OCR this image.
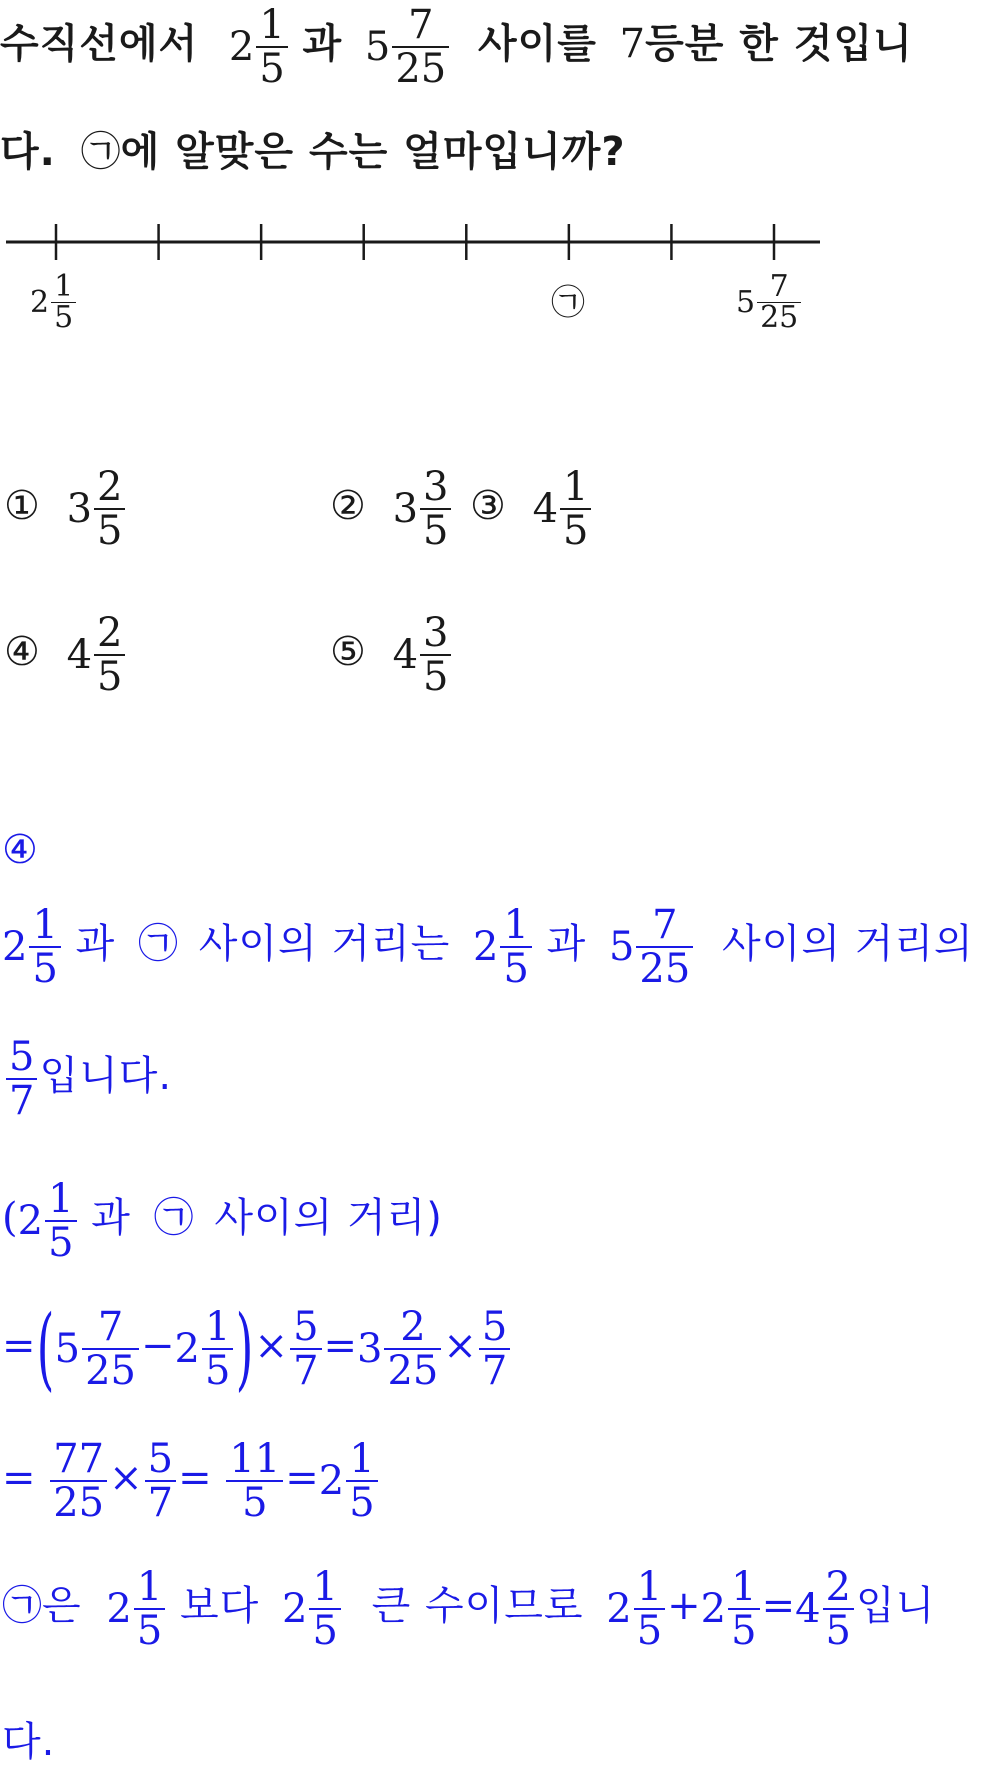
수직선에서 $2 \frac{1}{5}$ 과 $5 \frac{7}{25}$ 사이를 7등분 한 것입니
다. ㉠에 알맞은 수는 얼마입니까?
$2 \frac{1}{5}$	㉠	$5 \frac{7}{25}$
① $3 \frac{2}{5}$	② $3 \frac{3}{5}$ ③ $4 \frac{1}{5}$
④ $4 \frac{2}{5}$	⑤ $4 \frac{3}{5}$
④
$2 \frac{1}{5}$ 과 ㉠ 사이의 거리는 $2 \frac{1}{5}$ 과 $5 \frac{7}{25}$ 사이의 거리의
$\frac{5}{7}$ 입니다.
($2 \frac{1}{5}$ 과 ㉠ 사이의 거리)
$=(5 \frac{7}{25} -2 \frac{1}{5}$ )× $\frac{5}{7} =3 \frac{2}{25} \times \frac{5}{7}$
= $\frac{77}{25} \times \frac{5}{7} = \frac{11}{5} =2 \frac{1}{5}$
㉠은 $2 \frac{1}{5}$ 보다 $2 \frac{1}{5}$ 큰 수이므로 $2 \frac{1}{5} +2 \frac{1}{5} =4 \frac{2}{5}$ 입니
다.
